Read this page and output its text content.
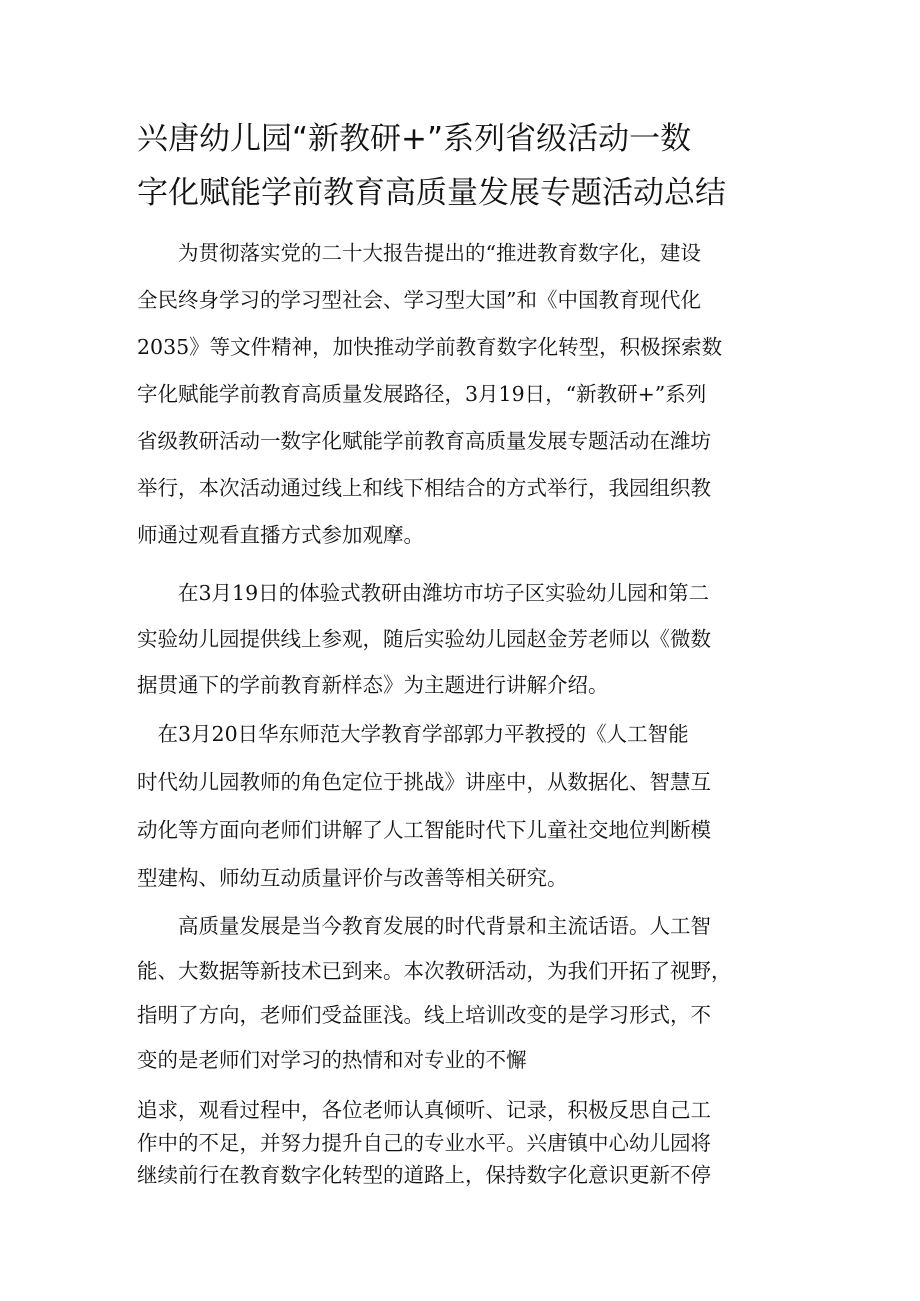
兴唐幼儿园“新教研+”系列省级活动一数
字化赋能学前教育高质量发展专题活动总结
　　为贯彻落实党的二十大报告提出的“推进教育数字化，建设
全民终身学习的学习型社会、学习型大国”和《中国教育现代化
2035》等文件精神，加快推动学前教育数字化转型，积极探索数
字化赋能学前教育高质量发展路径，3月19日，“新教研+”系列
省级教研活动一数字化赋能学前教育高质量发展专题活动在潍坊
举行，本次活动通过线上和线下相结合的方式举行，我园组织教
师通过观看直播方式参加观摩。
　　在3月19日的体验式教研由潍坊市坊子区实验幼儿园和第二
实验幼儿园提供线上参观，随后实验幼儿园赵金芳老师以《微数
据贯通下的学前教育新样态》为主题进行讲解介绍。
　在3月20日华东师范大学教育学部郭力平教授的《人工智能
时代幼儿园教师的角色定位于挑战》讲座中，从数据化、智慧互
动化等方面向老师们讲解了人工智能时代下儿童社交地位判断模
型建构、师幼互动质量评价与改善等相关研究。
　　高质量发展是当今教育发展的时代背景和主流话语。人工智
能、大数据等新技术已到来。本次教研活动，为我们开拓了视野，
指明了方向，老师们受益匪浅。线上培训改变的是学习形式，不
变的是老师们对学习的热情和对专业的不懈
追求，观看过程中，各位老师认真倾听、记录，积极反思自己工
作中的不足，并努力提升自己的专业水平。兴唐镇中心幼儿园将
继续前行在教育数字化转型的道路上，保持数字化意识更新不停
